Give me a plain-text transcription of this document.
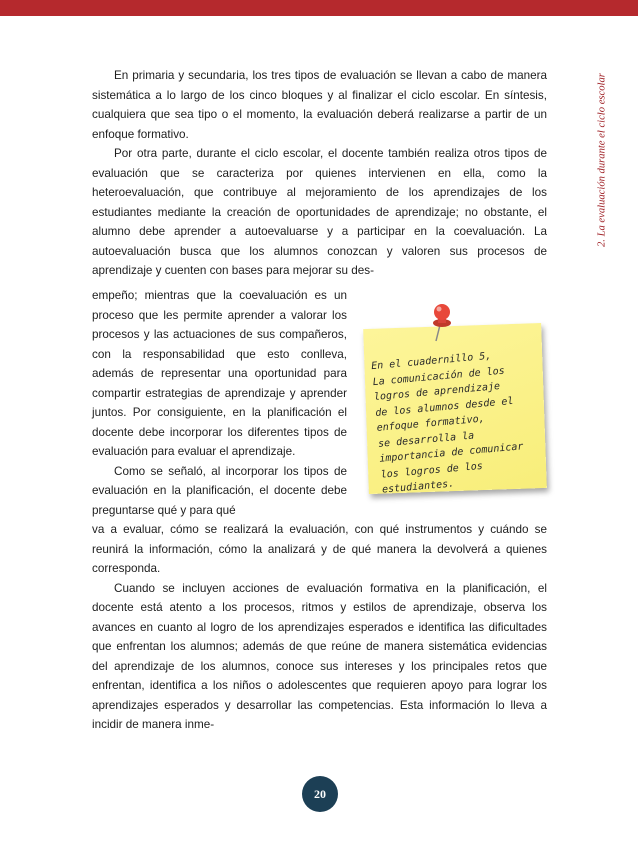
2. La evaluación durante el ciclo escolar

En primaria y secundaria, los tres tipos de evaluación se llevan a cabo de manera sistemática a lo largo de los cinco bloques y al finalizar el ciclo escolar. En síntesis, cualquiera que sea tipo o el momento, la evaluación deberá realizarse a partir de un enfoque formativo.

Por otra parte, durante el ciclo escolar, el docente también realiza otros tipos de evaluación que se caracteriza por quienes intervienen en ella, como la heteroevaluación, que contribuye al mejoramiento de los aprendizajes de los estudiantes mediante la creación de oportunidades de aprendizaje; no obstante, el alumno debe aprender a autoevaluarse y a participar en la coevaluación. La autoevaluación busca que los alumnos conozcan y valoren sus procesos de aprendizaje y cuenten con bases para mejorar su des-

empeño; mientras que la coevaluación es un proceso que les permite aprender a valorar los procesos y las actuaciones de sus compañeros, con la responsabilidad que esto conlleva, además de representar una oportunidad para compartir estrategias de aprendizaje y aprender juntos. Por consiguiente, en la planificación el docente debe incorporar los diferentes tipos de evaluación para evaluar el aprendizaje.

Como se señaló, al incorporar los tipos de evaluación en la planificación, el docente debe preguntarse qué y para qué

va a evaluar, cómo se realizará la evaluación, con qué instrumentos y cuándo se reunirá la información, cómo la analizará y de qué manera la devolverá a quienes corresponda.

Cuando se incluyen acciones de evaluación formativa en la planificación, el docente está atento a los procesos, ritmos y estilos de aprendizaje, observa los avances en cuanto al logro de los aprendizajes esperados e identifica las dificultades que enfrentan los alumnos; además de que reúne de manera sistemática evidencias del aprendizaje de los alumnos, conoce sus intereses y los principales retos que enfrentan, identifica a los niños o adolescentes que requieren apoyo para lograr los aprendizajes esperados y desarrollar las competencias. Esta información lo lleva a incidir de manera inme-

En el cuadernillo 5,
La comunicación de los
logros de aprendizaje
de los alumnos desde el
enfoque formativo,
se desarrolla la
importancia de comunicar
los logros de los
estudiantes.
20
